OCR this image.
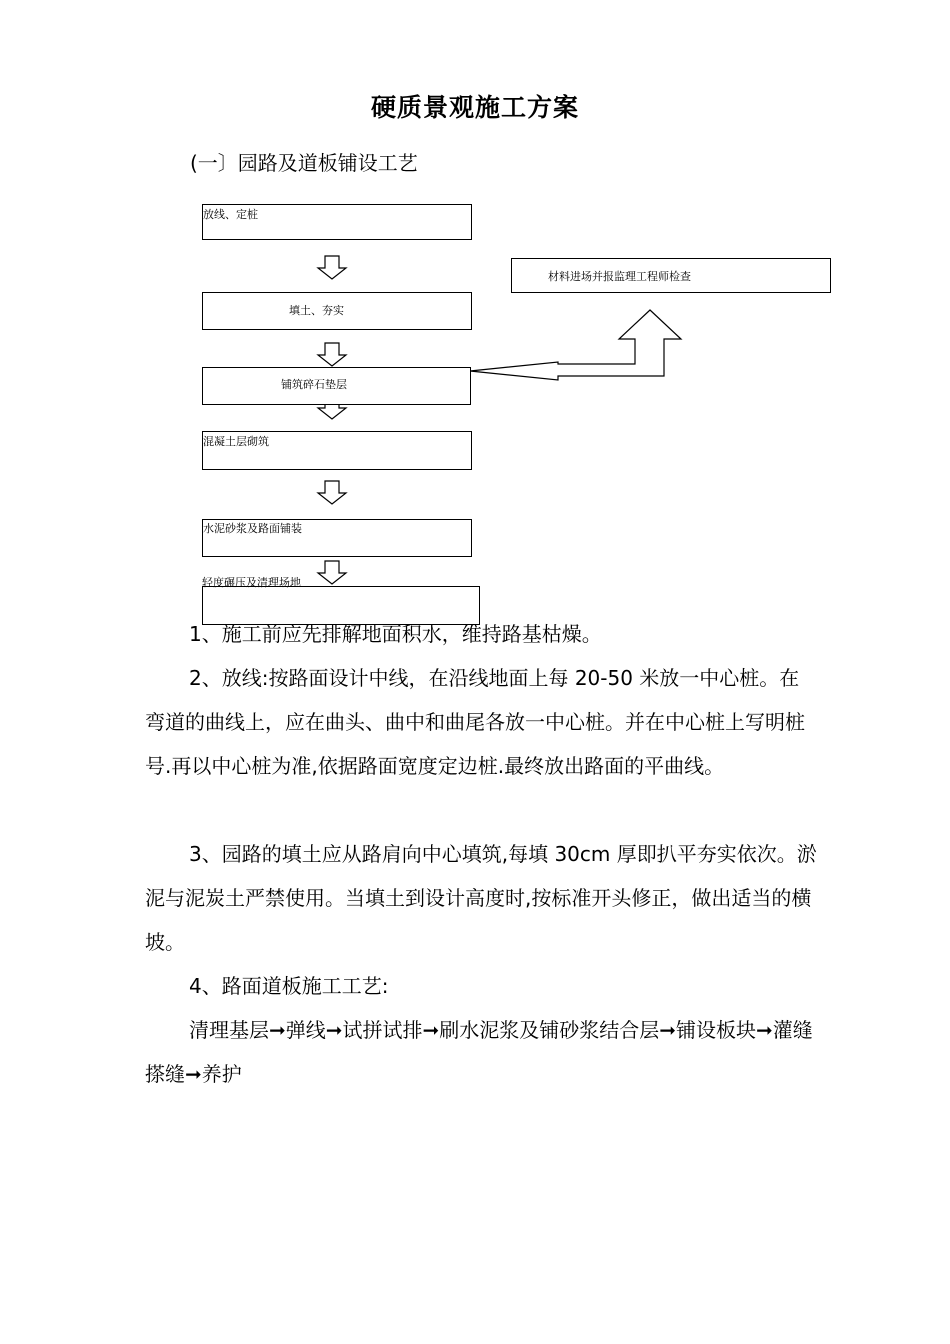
硬质景观施工方案
(一〕园路及道板铺设工艺
放线、定桩
填土、夯实
铺筑碎石垫层
混凝土层砌筑
水泥砂浆及路面铺装
轻度碾压及清理场地
材料进场并报监理工程师检查

1、施工前应先排解地面积水，维持路基枯燥。

2、放线:按路面设计中线，在沿线地面上每 20-50 米放一中心桩。在弯道的曲线上，应在曲头、曲中和曲尾各放一中心桩。并在中心桩上写明桩号.再以中心桩为准,依据路面宽度定边桩.最终放出路面的平曲线。

3、园路的填土应从路肩向中心填筑,每填 30cm 厚即扒平夯实依次。淤泥与泥炭土严禁使用。当填土到设计高度时,按标准开头修正，做出适当的横坡。

4、路面道板施工工艺:

清理基层➞弹线➞试拼试排➞刷水泥浆及铺砂浆结合层➞铺设板块➞灌缝搽缝➞养护
